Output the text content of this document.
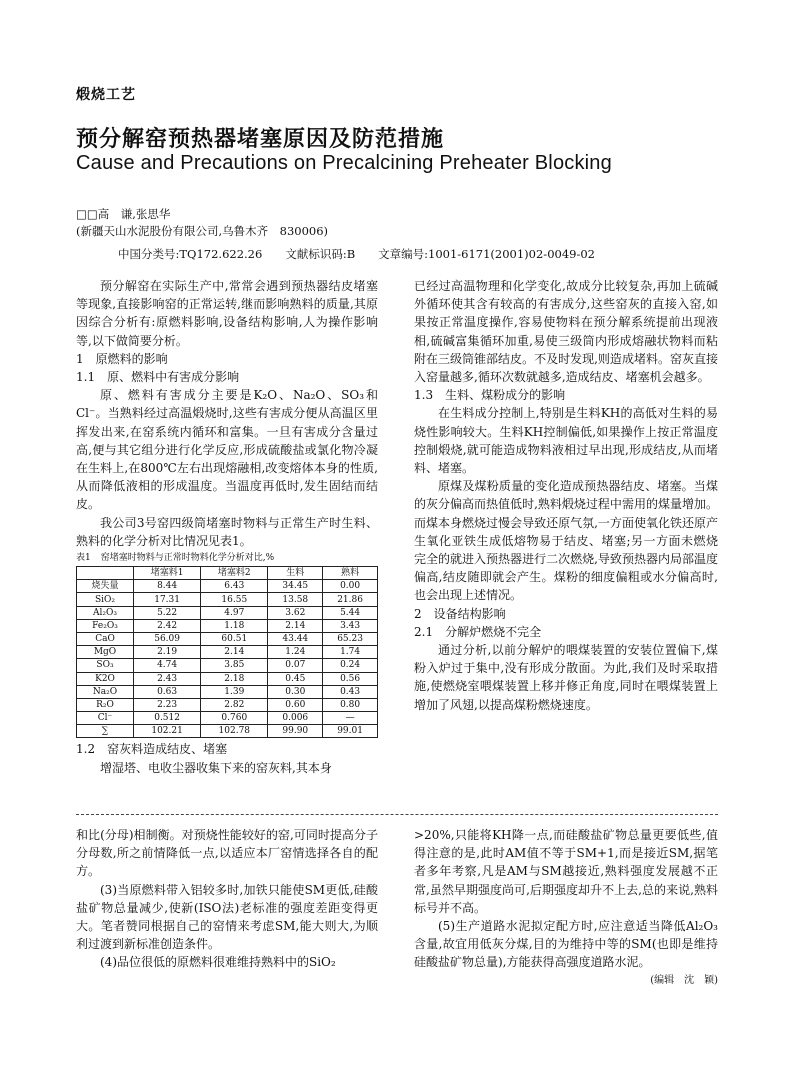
煅烧工艺
预分解窑预热器堵塞原因及防范措施
Cause and Precautions on Precalcining Preheater Blocking
□□高　谦,张思华
(新疆天山水泥股份有限公司,乌鲁木齐　830006)
中国分类号:TQ172.622.26　　文献标识码:B　　文章编号:1001-6171(2001)02-0049-02

预分解窑在实际生产中,常常会遇到预热器结皮堵塞等现象,直接影响窑的正常运转,继而影响熟料的质量,其原因综合分析有:原燃料影响,设备结构影响,人为操作影响等,以下做简要分析。

1　原燃料的影响

1.1　原、燃料中有害成分影响

原、燃料有害成分主要是K₂O、Na₂O、SO₃和Cl⁻。当熟料经过高温煅烧时,这些有害成分便从高温区里挥发出来,在窑系统内循环和富集。一旦有害成分含量过高,便与其它组分进行化学反应,形成硫酸盐或氯化物冷凝在生料上,在800℃左右出现熔融相,改变熔体本身的性质,从而降低液相的形成温度。当温度再低时,发生固结而结皮。

我公司3号窑四级筒堵塞时物料与正常生产时生料、熟料的化学分析对比情况见表1。

表1 窑堵塞时物料与正常时物料化学分析对比,%
	堵塞料1	堵塞料2	生料	熟料
烧失量	8.44	6.43	34.45	0.00
SiO₂	17.31	16.55	13.58	21.86
Al₂O₃	5.22	4.97	3.62	5.44
Fe₂O₃	2.42	1.18	2.14	3.43
CaO	56.09	60.51	43.44	65.23
MgO	2.19	2.14	1.24	1.74
SO₃	4.74	3.85	0.07	0.24
K2O	2.43	2.18	0.45	0.56
Na₂O	0.63	1.39	0.30	0.43
R₂O	2.23	2.82	0.60	0.80
Cl⁻	0.512	0.760	0.006	—
∑	102.21	102.78	99.90	99.01

1.2　窑灰料造成结皮、堵塞

增湿塔、电收尘器收集下来的窑灰料,其本身

已经过高温物理和化学变化,故成分比较复杂,再加上硫碱外循环使其含有较高的有害成分,这些窑灰的直接入窑,如果按正常温度操作,容易使物料在预分解系统提前出现液相,硫碱富集循环加重,易使三级筒内形成熔融状物料而粘附在三级筒锥部结皮。不及时发现,则造成堵料。窑灰直接入窑量越多,循环次数就越多,造成结皮、堵塞机会越多。

1.3　生料、煤粉成分的影响

在生料成分控制上,特别是生料KH的高低对生料的易烧性影响较大。生料KH控制偏低,如果操作上按正常温度控制煅烧,就可能造成物料液相过早出现,形成结皮,从而堵料、堵塞。

原煤及煤粉质量的变化造成预热器结皮、堵塞。当煤的灰分偏高而热值低时,熟料煅烧过程中需用的煤量增加。而煤本身燃烧过慢会导致还原气氛,一方面使氧化铁还原产生氧化亚铁生成低熔物易于结皮、堵塞;另一方面未燃烧完全的就进入预热器进行二次燃烧,导致预热器内局部温度偏高,结皮随即就会产生。煤粉的细度偏粗或水分偏高时,也会出现上述情况。

2　设备结构影响

2.1　分解炉燃烧不完全

通过分析,以前分解炉的喂煤装置的安装位置偏下,煤粉入炉过于集中,没有形成分散面。为此,我们及时采取措施,使燃烧室喂煤装置上移并修正角度,同时在喂煤装置上增加了风翅,以提高煤粉燃烧速度。

和比(分母)相制衡。对预烧性能较好的窑,可同时提高分子分母数,所之前情降低一点,以适应本厂窑情选择各自的配方。

(3)当原燃料带入铝较多时,加铁只能使SM更低,硅酸盐矿物总量减少,使新(ISO法)老标准的强度差距变得更大。笔者赞同根据自己的窑情来考虑SM,能大则大,为顺利过渡到新标准创造条件。

(4)品位很低的原燃料很难维持熟料中的SiO₂

>20%,只能将KH降一点,而硅酸盐矿物总量更要低些,值得注意的是,此时AM值不等于SM+1,而是接近SM,据笔者多年考察,凡是AM与SM越接近,熟料强度发展越不正常,虽然早期强度尚可,后期强度却升不上去,总的来说,熟料标号并不高。

(5)生产道路水泥拟定配方时,应注意适当降低Al₂O₃含量,故宜用低灰分煤,目的为维持中等的SM(也即是维持硅酸盐矿物总量),方能获得高强度道路水泥。

(编辑　沈　颖)
